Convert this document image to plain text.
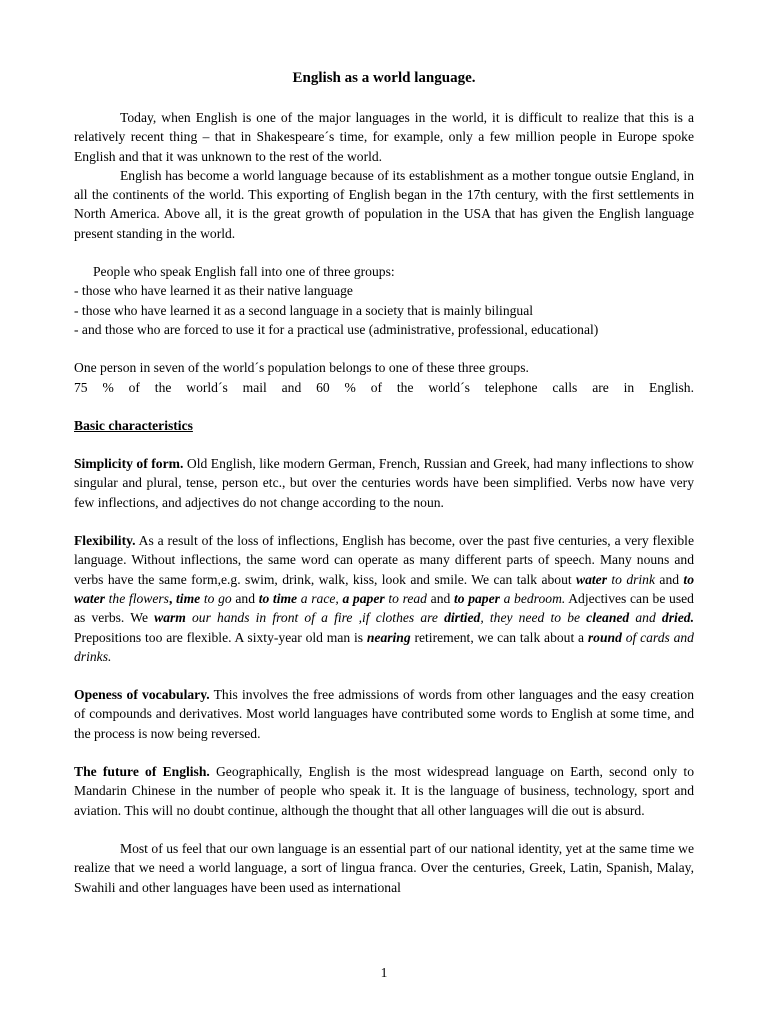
English as a world language.

Today, when English is one of the major languages in the world, it is difficult to realize that this is a relatively recent thing – that in Shakespeare´s time, for example, only a few million people in Europe spoke English and that it was unknown to the rest of the world.

English has become a world language because of its establishment as a mother tongue outsie England, in all the continents of the world. This exporting of English began in the 17th century, with the first settlements in North America. Above all, it is the great growth of population in the USA that has given the English language present standing in the world.

People who speak English fall into one of three groups:

- those who have learned it as their native language

- those who have learned it as a second language in a society that is mainly bilingual

- and those who are forced to use it for a practical use (administrative, professional, educational)

One person in seven of the world´s population belongs to one of these three groups.

75 % of the world´s mail and 60 % of the world´s telephone calls are in English.

Basic characteristics

Simplicity of form. Old English, like modern German, French, Russian and Greek, had many inflections to show singular and plural, tense, person etc., but over the centuries words have been simplified. Verbs now have very few inflections, and adjectives do not change according to the noun.

Flexibility. As a result of the loss of inflections, English has become, over the past five centuries, a very flexible language. Without inflections, the same word can operate as many different parts of speech. Many nouns and verbs have the same form,e.g. swim, drink, walk, kiss, look and smile. We can talk about water to drink and to water the flowers, time to go and to time a race, a paper to read and to paper a bedroom. Adjectives can be used as verbs. We warm our hands in front of a fire ,if clothes are dirtied, they need to be cleaned and dried. Prepositions too are flexible. A sixty-year old man is nearing retirement, we can talk about a round of cards and drinks.

Openess of vocabulary. This involves the free admissions of words from other languages and the easy creation of compounds and derivatives. Most world languages have contributed some words to English at some time, and the process is now being reversed.

The future of English. Geographically, English is the most widespread language on Earth, second only to Mandarin Chinese in the number of people who speak it. It is the language of business, technology, sport and aviation. This will no doubt continue, although the thought that all other languages will die out is absurd.

Most of us feel that our own language is an essential part of our national identity, yet at the same time we realize that we need a world language, a sort of lingua franca. Over the centuries, Greek, Latin, Spanish, Malay, Swahili and other languages have been used as international

1
